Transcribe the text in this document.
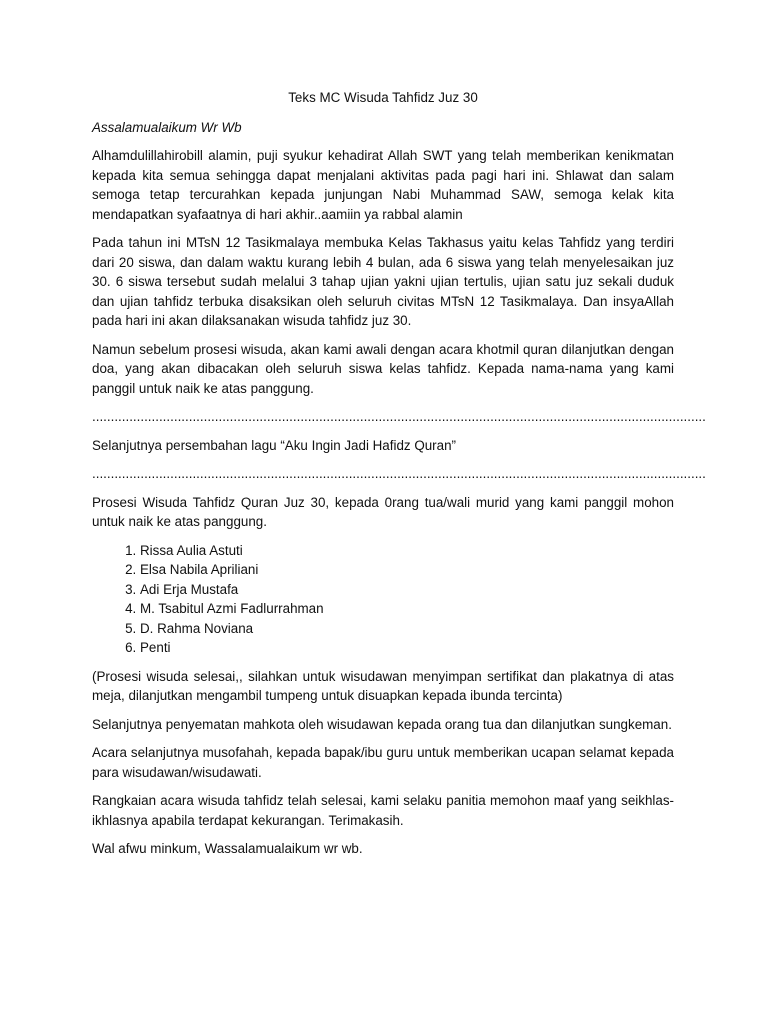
Teks MC Wisuda Tahfidz Juz 30
Assalamualaikum Wr Wb

Alhamdulillahirobill alamin, puji syukur kehadirat Allah SWT yang telah memberikan kenikmatan kepada kita semua sehingga dapat menjalani aktivitas pada pagi hari ini. Shlawat dan salam semoga tetap tercurahkan kepada junjungan Nabi Muhammad SAW, semoga kelak kita mendapatkan syafaatnya di hari akhir..aamiin ya rabbal alamin

Pada tahun ini MTsN 12 Tasikmalaya membuka Kelas Takhasus yaitu kelas Tahfidz yang terdiri dari 20 siswa, dan dalam waktu kurang lebih 4 bulan, ada 6 siswa yang telah menyelesaikan juz 30. 6 siswa tersebut sudah melalui 3 tahap ujian yakni ujian tertulis, ujian satu juz sekali duduk dan ujian tahfidz terbuka disaksikan oleh seluruh civitas MTsN 12 Tasikmalaya. Dan insyaAllah pada hari ini akan dilaksanakan wisuda tahfidz juz 30.

Namun sebelum prosesi wisuda, akan kami awali dengan acara khotmil quran dilanjutkan dengan doa, yang akan dibacakan oleh seluruh siswa kelas tahfidz. Kepada nama-nama yang kami panggil untuk naik ke atas panggung.

.....................................................................................................................................................................

Selanjutnya persembahan lagu “Aku Ingin Jadi Hafidz Quran”

.....................................................................................................................................................................

Prosesi Wisuda Tahfidz Quran Juz 30, kepada 0rang tua/wali murid yang kami panggil mohon untuk naik ke atas panggung.

1. Rissa Aulia Astuti
2. Elsa Nabila Apriliani
3. Adi Erja Mustafa
4. M. Tsabitul Azmi Fadlurrahman
5. D. Rahma Noviana
6. Penti

(Prosesi wisuda selesai,, silahkan untuk wisudawan menyimpan sertifikat dan plakatnya di atas meja, dilanjutkan mengambil tumpeng untuk disuapkan kepada ibunda tercinta)

Selanjutnya penyematan mahkota oleh wisudawan kepada orang tua dan dilanjutkan sungkeman.

Acara selanjutnya musofahah, kepada bapak/ibu guru untuk memberikan ucapan selamat kepada para wisudawan/wisudawati.

Rangkaian acara wisuda tahfidz telah selesai, kami selaku panitia memohon maaf yang seikhlas-ikhlasnya apabila terdapat kekurangan. Terimakasih.

Wal afwu minkum, Wassalamualaikum wr wb.
